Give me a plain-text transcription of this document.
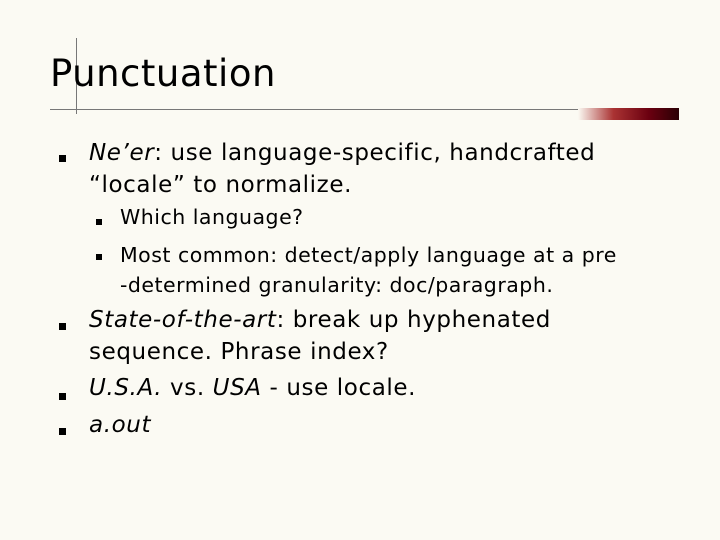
Punctuation
Ne’er: use language-specific, handcrafted
“locale” to normalize.
Which language?
Most common: detect/apply language at a pre
-determined granularity: doc/paragraph.
State-of-the-art: break up hyphenated
sequence. Phrase index?
U.S.A. vs. USA - use locale.
a.out
